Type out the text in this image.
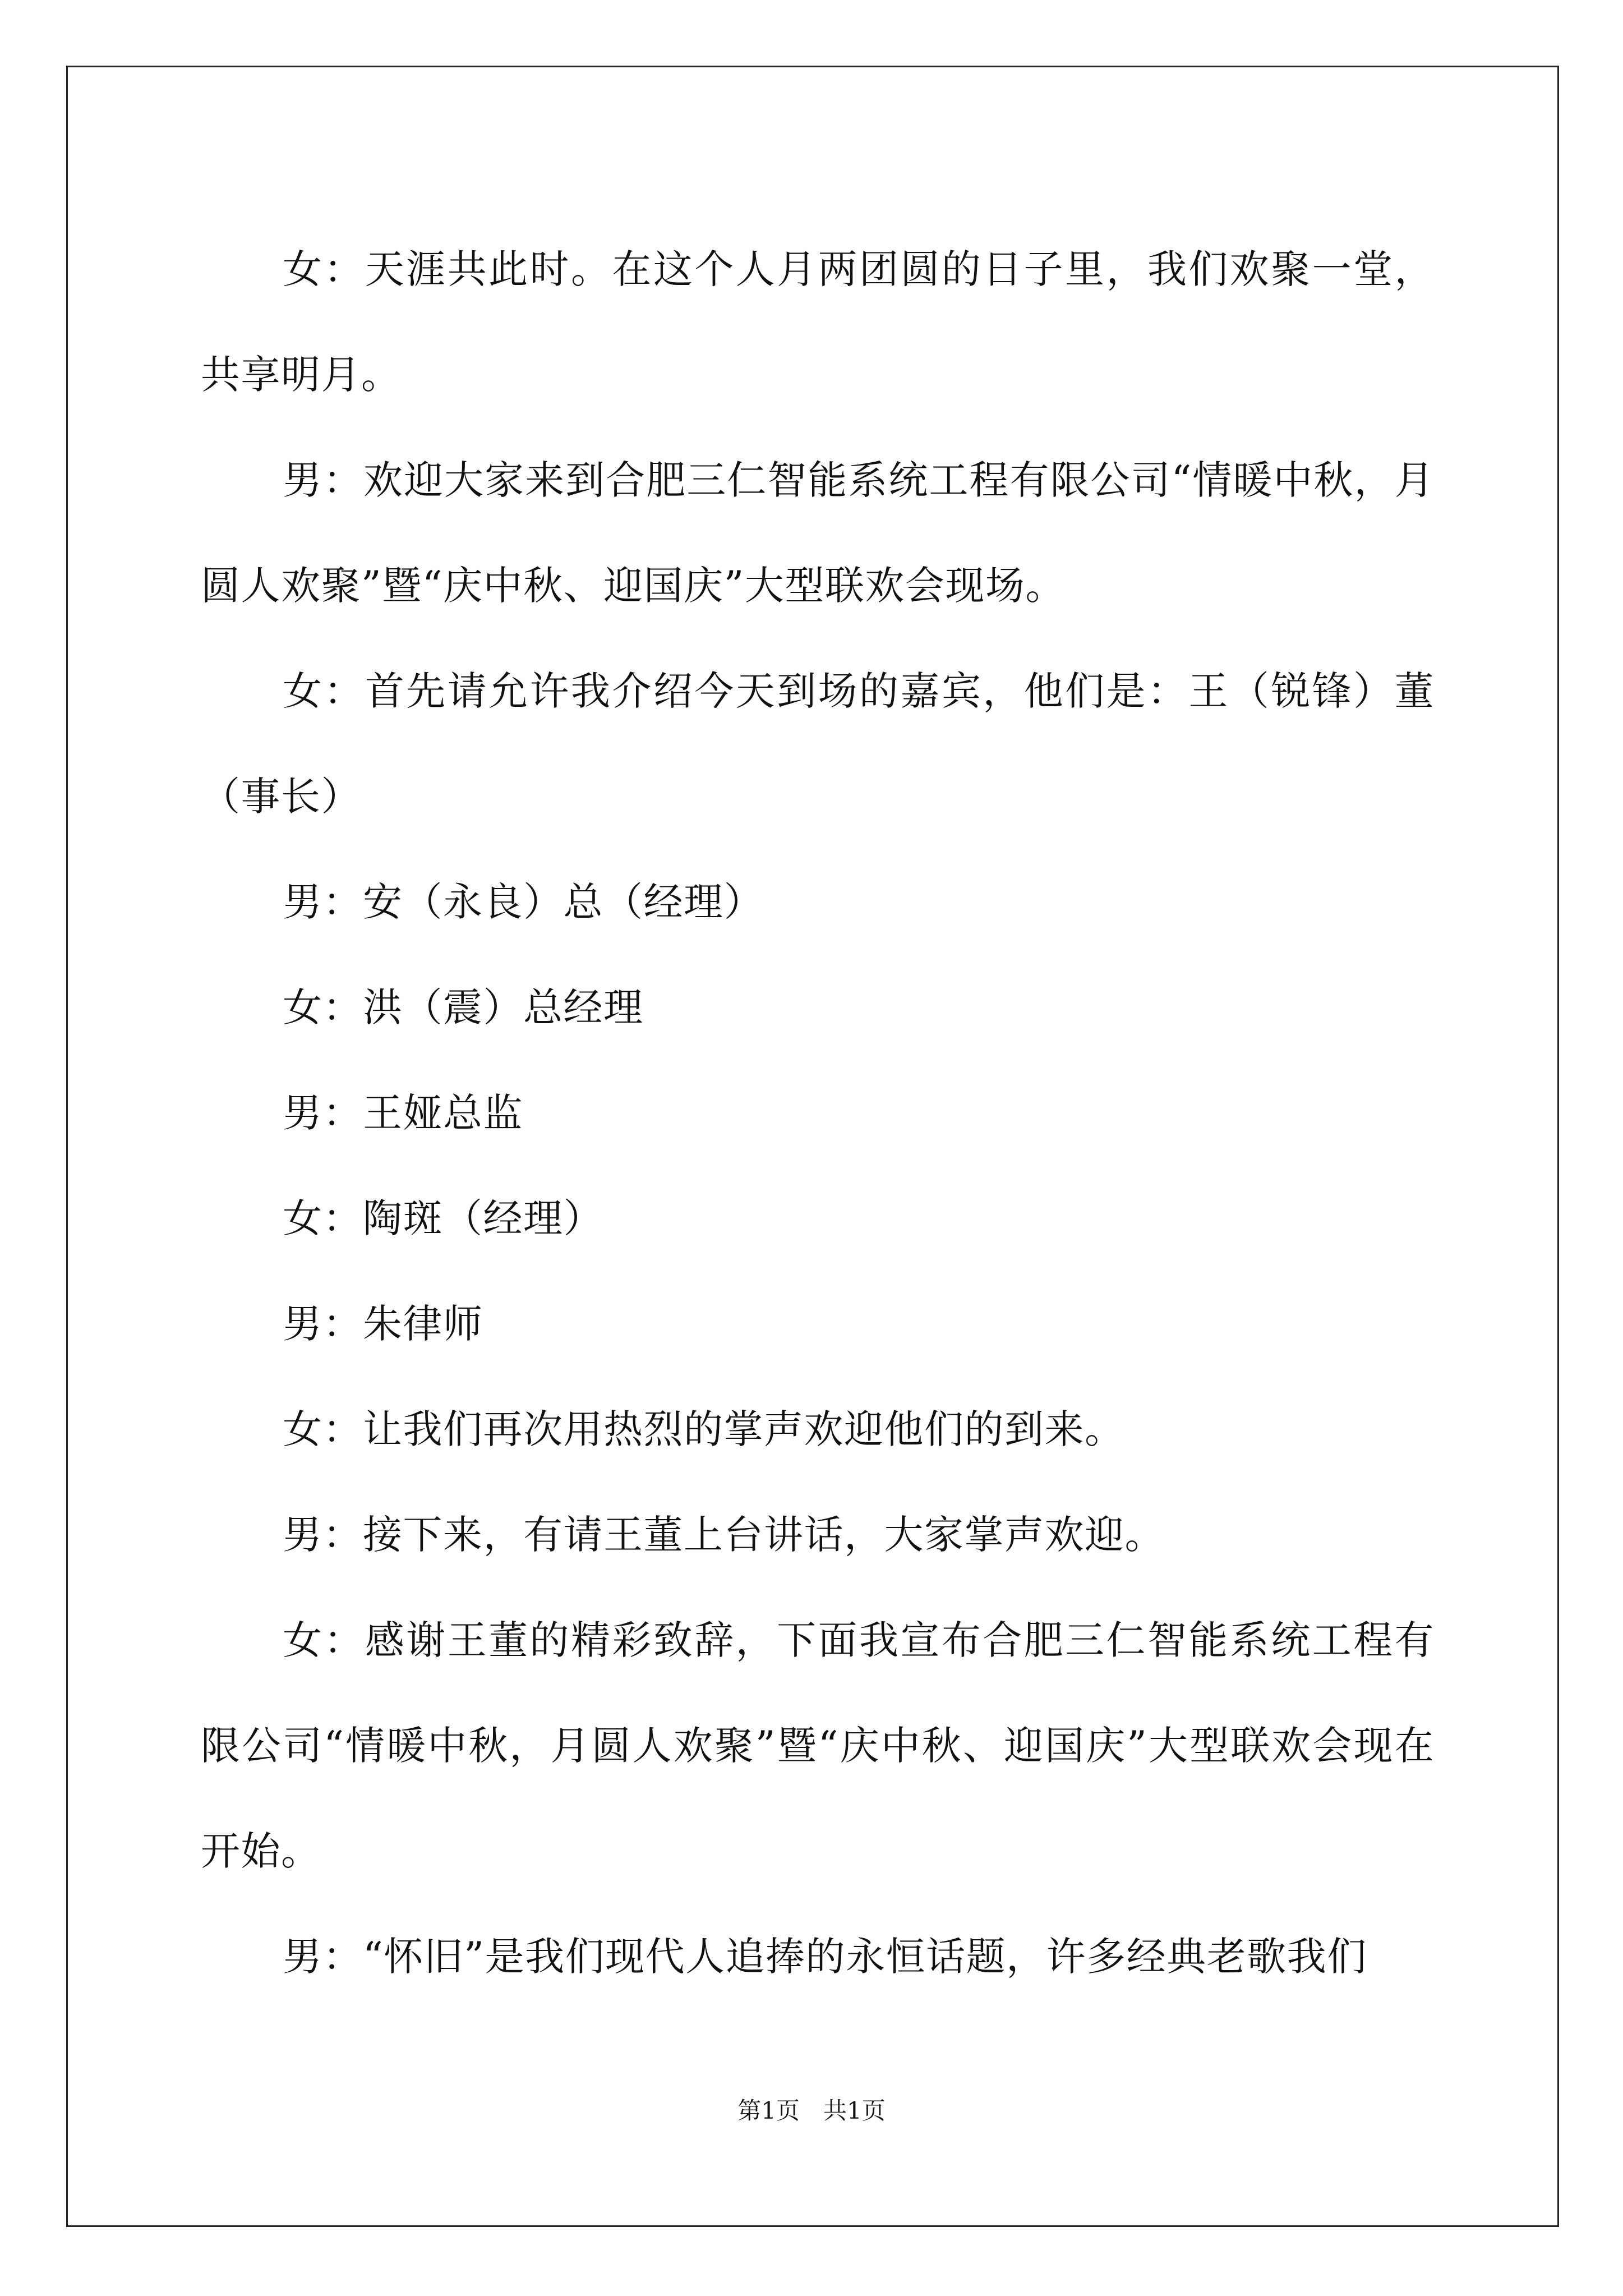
女：天涯共此时。在这个人月两团圆的日子里，我们欢聚一堂，共享明月。

男：欢迎大家来到合肥三仁智能系统工程有限公司“情暖中秋，月圆人欢聚”暨“庆中秋、迎国庆”大型联欢会现场。

女：首先请允许我介绍今天到场的嘉宾，他们是：王（锐锋）董（事长）

男：安（永良）总（经理）

女：洪（震）总经理

男：王娅总监

女：陶斑（经理）

男：朱律师

女：让我们再次用热烈的掌声欢迎他们的到来。

男：接下来，有请王董上台讲话，大家掌声欢迎。

女：感谢王董的精彩致辞，下面我宣布合肥三仁智能系统工程有限公司“情暖中秋，月圆人欢聚”暨“庆中秋、迎国庆”大型联欢会现在开始。

男：“怀旧”是我们现代人追捧的永恒话题，许多经典老歌我们

第1页　共1页
